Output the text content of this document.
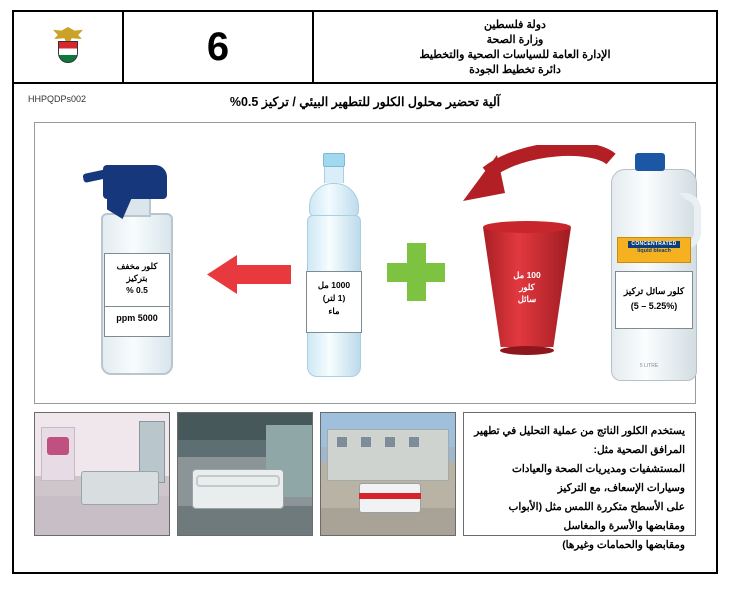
6	دولة فلسطين
وزارة الصحة
الإدارة العامة للسياسات الصحية والتخطيط
دائرة تخطيط الجودة
HHPQDPs002	آلية تحضير محلول الكلور للتطهير البيئي / تركيز 0.5%
كلور مخفف
بتركيز
0.5 %
5000 ppm
1000 مل
(1 لتر)
ماء
100 مل
كلور
سائل
CONCENTRATED
liquid bleach
كلور سائل تركيز
(5.25% – 5)
5 LITRE
يستخدم الكلور الناتج من عملية التحليل في تطهير المرافق الصحية مثل:
المستشفيات ومديريات الصحة والعيادات وسيارات الإسعاف، مع التركيز
على الأسطح متكررة اللمس مثل (الأبواب ومقابضها والأسرة والمغاسل
ومقابضها والحمامات وغيرها)
